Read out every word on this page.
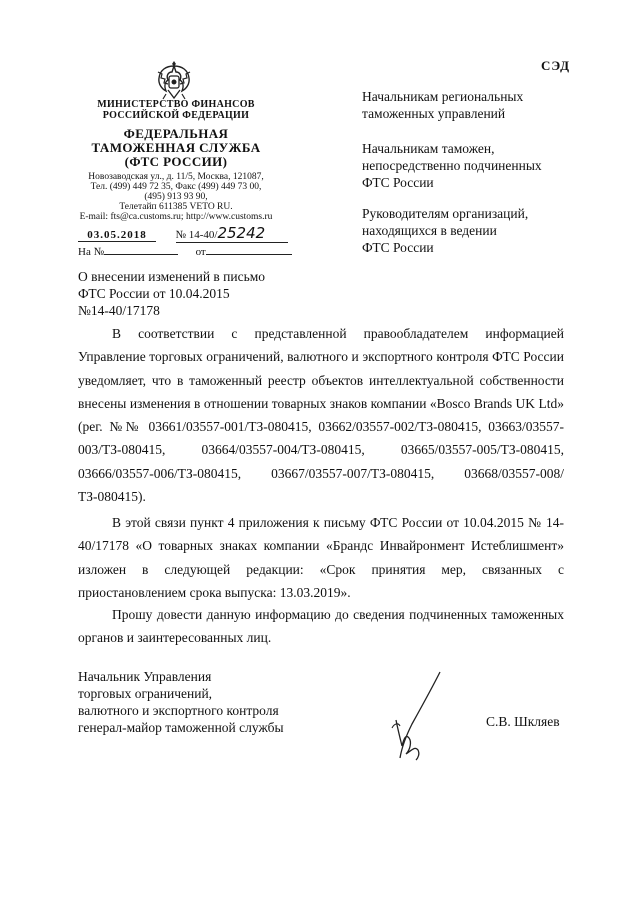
СЭД
МИНИСТЕРСТВО ФИНАНСОВ
РОССИЙСКОЙ ФЕДЕРАЦИИ
ФЕДЕРАЛЬНАЯ
ТАМОЖЕННАЯ СЛУЖБА
(ФТС РОССИИ)
Новозаводская ул., д. 11/5, Москва, 121087,
Тел. (499) 449 72 35, Факс (499) 449 73 00,
(495) 913 93 90,
Телетайп 611385 VETO RU.
E-mail: fts@ca.customs.ru; http://www.customs.ru
03.05.2018	№ 14-40/25242
На №	от
Начальникам региональных
таможенных управлений
Начальникам таможен,
непосредственно подчиненных
ФТС России
Руководителям организаций,
находящихся в ведении
ФТС России
О внесении изменений в письмо
ФТС России от 10.04.2015
№14-40/17178
В соответствии с представленной правообладателем информацией Управление торговых ограничений, валютного и экспортного контроля ФТС России уведомляет, что в таможенный реестр объектов интеллектуальной собственности внесены изменения в отношении товарных знаков компании «Bosco Brands UK Ltd» (рег. №№ 03661/03557-001/ТЗ-080415, 03662/03557-002/ТЗ-080415, 03663/03557-003/ТЗ-080415, 03664/03557-004/ТЗ-080415, 03665/03557-005/ТЗ-080415, 03666/03557-006/ТЗ-080415, 03667/03557-007/ТЗ-080415, 03668/03557-008/ТЗ-080415).
В этой связи пункт 4 приложения к письму ФТС России от 10.04.2015 № 14-40/17178 «О товарных знаках компании «Брандс Инвайронмент Истеблишмент» изложен в следующей редакции: «Срок принятия мер, связанных с приостановлением срока выпуска: 13.03.2019».
Прошу довести данную информацию до сведения подчиненных таможенных органов и заинтересованных лиц.
Начальник Управления
торговых ограничений,
валютного и экспортного контроля
генерал-майор таможенной службы	С.В. Шкляев
